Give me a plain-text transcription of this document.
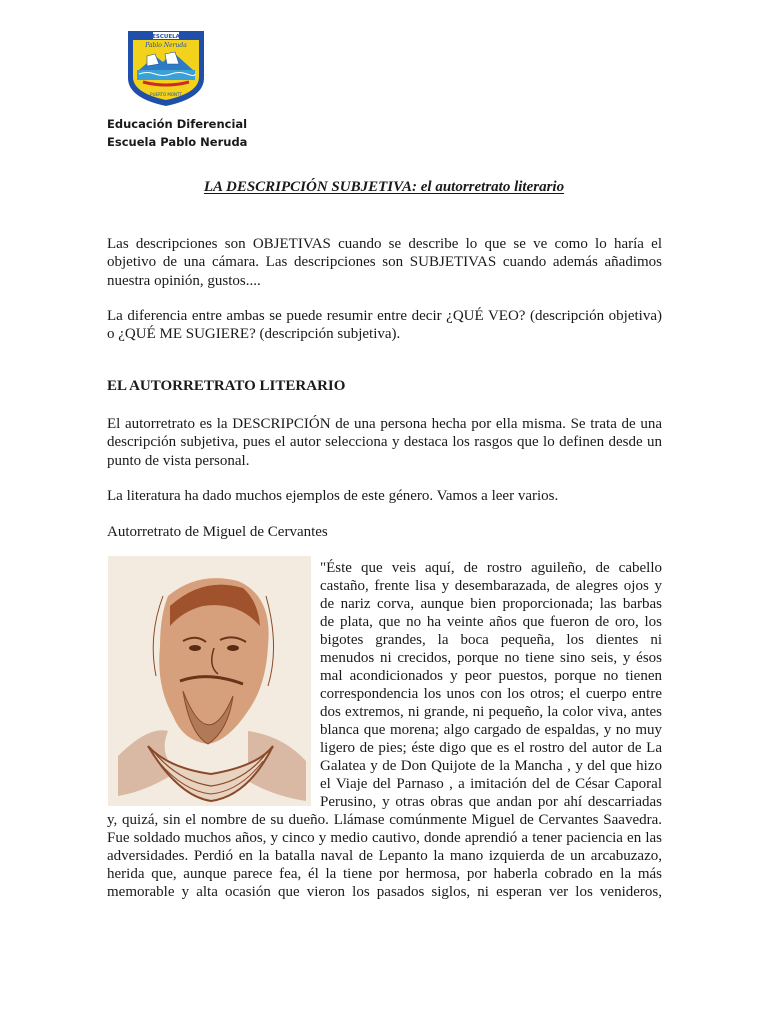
ESCUELA
Pablo Neruda
PUERTO MONTT
Educación Diferencial
Escuela Pablo Neruda
LA DESCRIPCIÓN SUBJETIVA: el autorretrato literario
Las descripciones son OBJETIVAS cuando se describe lo que se ve como lo haría el objetivo de una cámara. Las descripciones son SUBJETIVAS cuando además añadimos nuestra opinión, gustos....
La diferencia entre ambas se puede resumir entre decir ¿QUÉ VEO? (descripción objetiva) o ¿QUÉ ME SUGIERE? (descripción subjetiva).
EL AUTORRETRATO LITERARIO
El autorretrato es la DESCRIPCIÓN de una persona hecha por ella misma. Se trata de una descripción subjetiva, pues el autor selecciona y destaca los rasgos que lo definen desde un punto de vista personal.
La literatura ha dado muchos ejemplos de este género. Vamos a leer varios.
Autorretrato de Miguel de Cervantes
"Éste que veis aquí, de rostro aguileño, de cabello
castaño, frente lisa y desembarazada, de alegres ojos y
de nariz corva, aunque bien proporcionada; las barbas
de plata, que no ha veinte años que fueron de oro, los
bigotes grandes, la boca pequeña, los dientes ni
menudos ni crecidos, porque no tiene sino seis, y ésos
mal acondicionados y peor puestos, porque no tienen
correspondencia los unos con los otros; el cuerpo entre
dos extremos, ni grande, ni pequeño, la color viva, antes
blanca que morena; algo cargado de espaldas, y no muy
ligero de pies; éste digo que es el rostro del autor de La
Galatea y de Don Quijote de la Mancha , y del que hizo
el Viaje del Parnaso , a imitación del de César Caporal
Perusino, y otras obras que andan por ahí descarriadas
y, quizá, sin el nombre de su dueño. Llámase comúnmente Miguel de Cervantes Saavedra.
Fue soldado muchos años, y cinco y medio cautivo, donde aprendió a tener paciencia en las
adversidades. Perdió en la batalla naval de Lepanto la mano izquierda de un arcabuzazo,
herida que, aunque parece fea, él la tiene por hermosa, por haberla cobrado en la más
memorable y alta ocasión que vieron los pasados siglos, ni esperan ver los venideros,
